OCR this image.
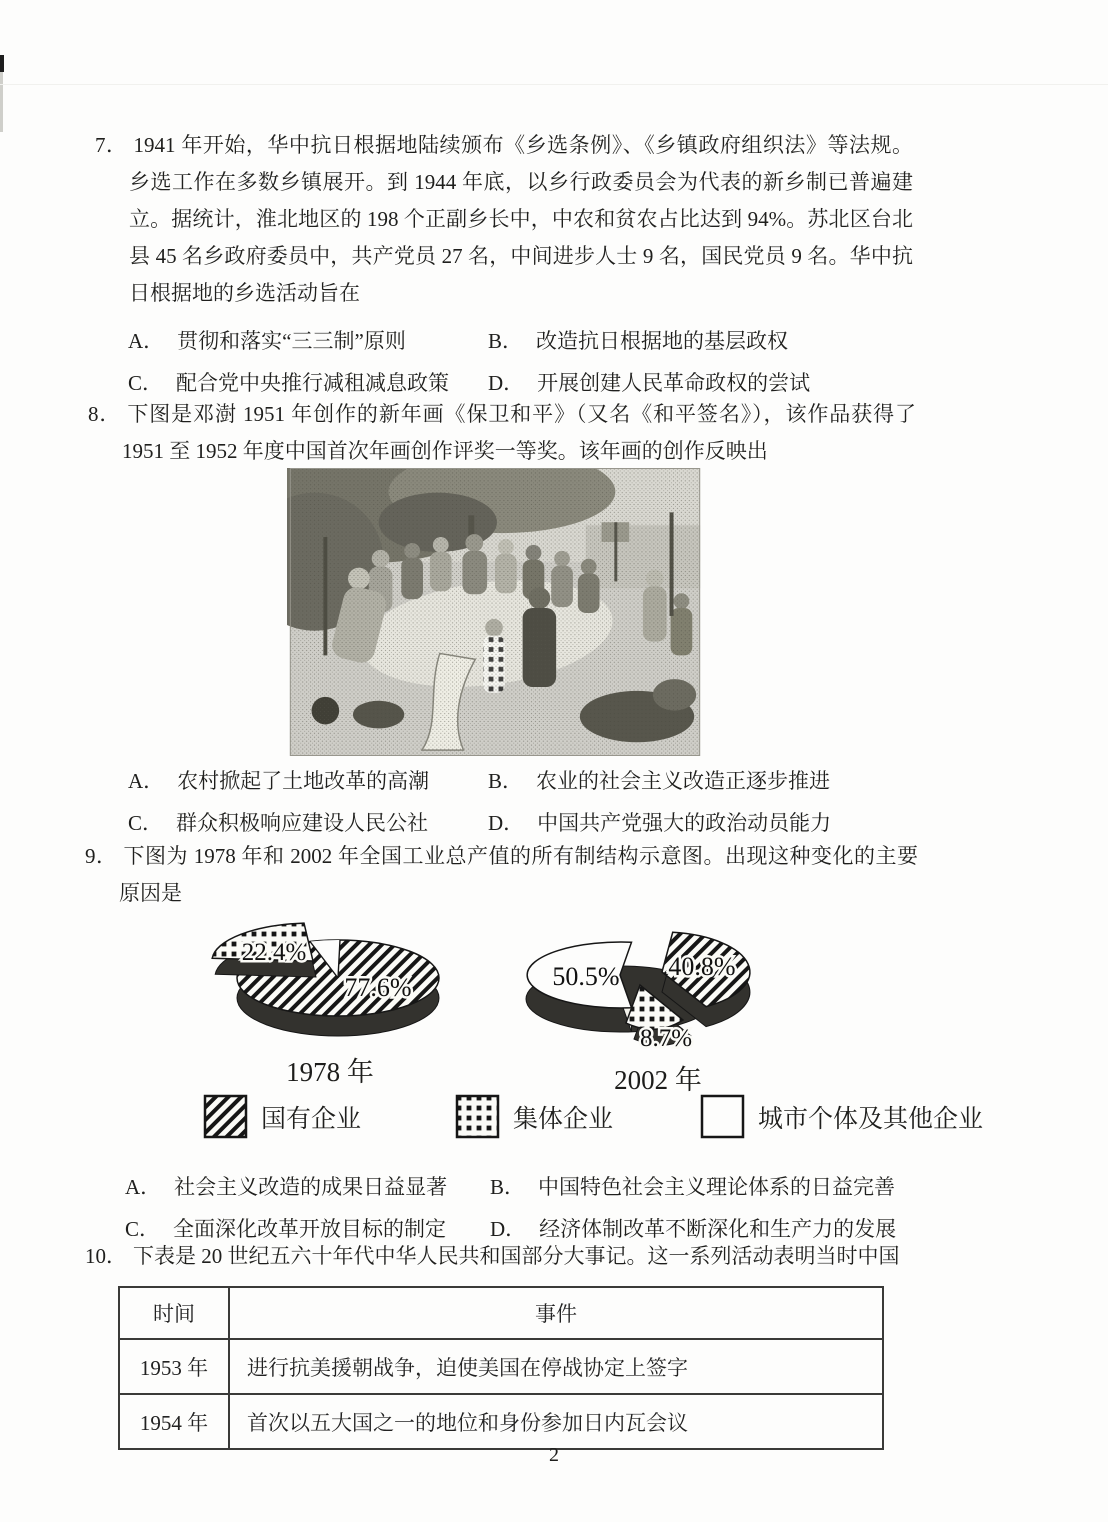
7． 1941 年开始，华中抗日根据地陆续颁布《乡选条例》、《乡镇政府组织法》等法规。乡选工作在多数乡镇展开。到 1944 年底，以乡行政委员会为代表的新乡制已普遍建立。据统计，淮北地区的 198 个正副乡长中，中农和贫农占比达到 94%。苏北区台北县 45 名乡政府委员中，共产党员 27 名，中间进步人士 9 名，国民党员 9 名。华中抗日根据地的乡选活动旨在
A． 贯彻和落实“三三制”原则	B． 改造抗日根据地的基层政权
C． 配合党中央推行减租减息政策	D． 开展创建人民革命政权的尝试
8． 下图是邓澍 1951 年创作的新年画《保卫和平》（又名《和平签名》），该作品获得了 1951 至 1952 年度中国首次年画创作评奖一等奖。该年画的创作反映出
A． 农村掀起了土地改革的高潮	B． 农业的社会主义改造正逐步推进
C． 群众积极响应建设人民公社	D． 中国共产党强大的政治动员能力
9． 下图为 1978 年和 2002 年全国工业总产值的所有制结构示意图。出现这种变化的主要原因是
22.4%
77.6%
1978 年
50.5% 40.8%
8.7%
2002 年
国有企业	集体企业	城市个体及其他企业
A． 社会主义改造的成果日益显著	B． 中国特色社会主义理论体系的日益完善
C． 全面深化改革开放目标的制定	D． 经济体制改革不断深化和生产力的发展
10． 下表是 20 世纪五六十年代中华人民共和国部分大事记。这一系列活动表明当时中国
时间	事件
1953 年	进行抗美援朝战争，迫使美国在停战协定上签字
1954 年	首次以五大国之一的地位和身份参加日内瓦会议
2
